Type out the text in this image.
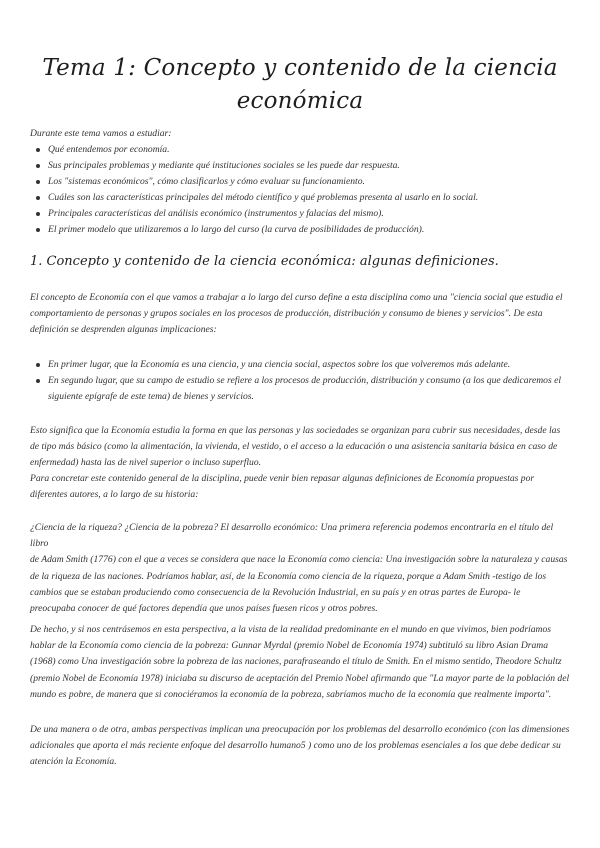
Tema 1: Concepto y contenido de la ciencia
económica

Durante este tema vamos a estudiar:

Qué entendemos por economía.
Sus principales problemas y mediante qué instituciones sociales se les puede dar respuesta.
Los "sistemas económicos", cómo clasificarlos y cómo evaluar su funcionamiento.
Cuáles son las características principales del método científico y qué problemas presenta al usarlo en lo social.
Principales características del análisis económico (instrumentos y falacias del mismo).
El primer modelo que utilizaremos a lo largo del curso (la curva de posibilidades de producción).
1. Concepto y contenido de la ciencia económica: algunas definiciones.
El concepto de Economía con el que vamos a trabajar a lo largo del curso define a esta disciplina como una "ciencia social que estudia el
comportamiento de personas y grupos sociales en los procesos de producción, distribución y consumo de bienes y servicios". De esta
definición se desprenden algunas implicaciones:
En primer lugar, que la Economía es una ciencia, y una ciencia social, aspectos sobre los que volveremos más adelante.
En segundo lugar, que su campo de estudio se refiere a los procesos de producción, distribución y consumo (a los que dedicaremos el
siguiente epígrafe de este tema) de bienes y servicios.
Esto significa que la Economía estudia la forma en que las personas y las sociedades se organizan para cubrir sus necesidades, desde las
de tipo más básico (como la alimentación, la vivienda, el vestido, o el acceso a la educación o una asistencia sanitaria básica en caso de
enfermedad) hasta las de nivel superior o incluso superfluo.
Para concretar este contenido general de la disciplina, puede venir bien repasar algunas definiciones de Economía propuestas por
diferentes autores, a lo largo de su historia:
¿Ciencia de la riqueza? ¿Ciencia de la pobreza? El desarrollo económico: Una primera referencia podemos encontrarla en el título del libro
de Adam Smith (1776) con el que a veces se considera que nace la Economía como ciencia: Una investigación sobre la naturaleza y causas
de la riqueza de las naciones. Podríamos hablar, así, de la Economía como ciencia de la riqueza, porque a Adam Smith -testigo de los
cambios que se estaban produciendo como consecuencia de la Revolución Industrial, en su país y en otras partes de Europa- le
preocupaba conocer de qué factores dependía que unos países fuesen ricos y otros pobres.
De hecho, y si nos centrásemos en esta perspectiva, a la vista de la realidad predominante en el mundo en que vivimos, bien podríamos
hablar de la Economía como ciencia de la pobreza: Gunnar Myrdal (premio Nobel de Economía 1974) subtituló su libro Asian Drama
(1968) como Una investigación sobre la pobreza de las naciones, parafraseando el título de Smith. En el mismo sentido, Theodore Schultz
(premio Nobel de Economía 1978) iniciaba su discurso de aceptación del Premio Nobel afirmando que "La mayor parte de la población del
mundo es pobre, de manera que si conociéramos la economía de la pobreza, sabríamos mucho de la economía que realmente importa".
De una manera o de otra, ambas perspectivas implican una preocupación por los problemas del desarrollo económico (con las dimensiones
adicionales que aporta el más reciente enfoque del desarrollo humano5 ) como uno de los problemas esenciales a los que debe dedicar su
atención la Economía.
